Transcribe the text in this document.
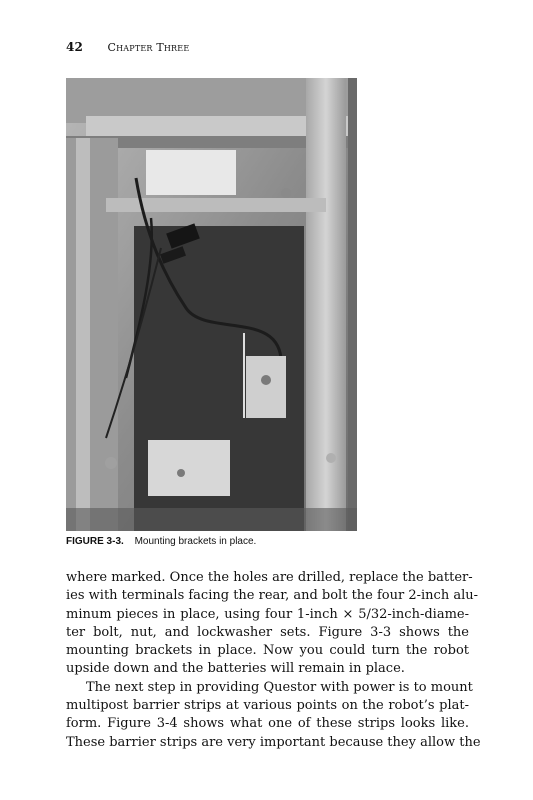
42 Chapter Three
FIGURE 3-3. Mounting brackets in place.

where marked. Once the holes are drilled, replace the batter-
ies with terminals facing the rear, and bolt the four 2-inch alu-
minum pieces in place, using four 1-inch × 5/32-inch-diame-
ter bolt, nut, and lockwasher sets. Figure 3-3 shows the
mounting brackets in place. Now you could turn the robot
upside down and the batteries will remain in place.

The next step in providing Questor with power is to mount
multipost barrier strips at various points on the robot’s plat-
form. Figure 3-4 shows what one of these strips looks like.
These barrier strips are very important because they allow the
